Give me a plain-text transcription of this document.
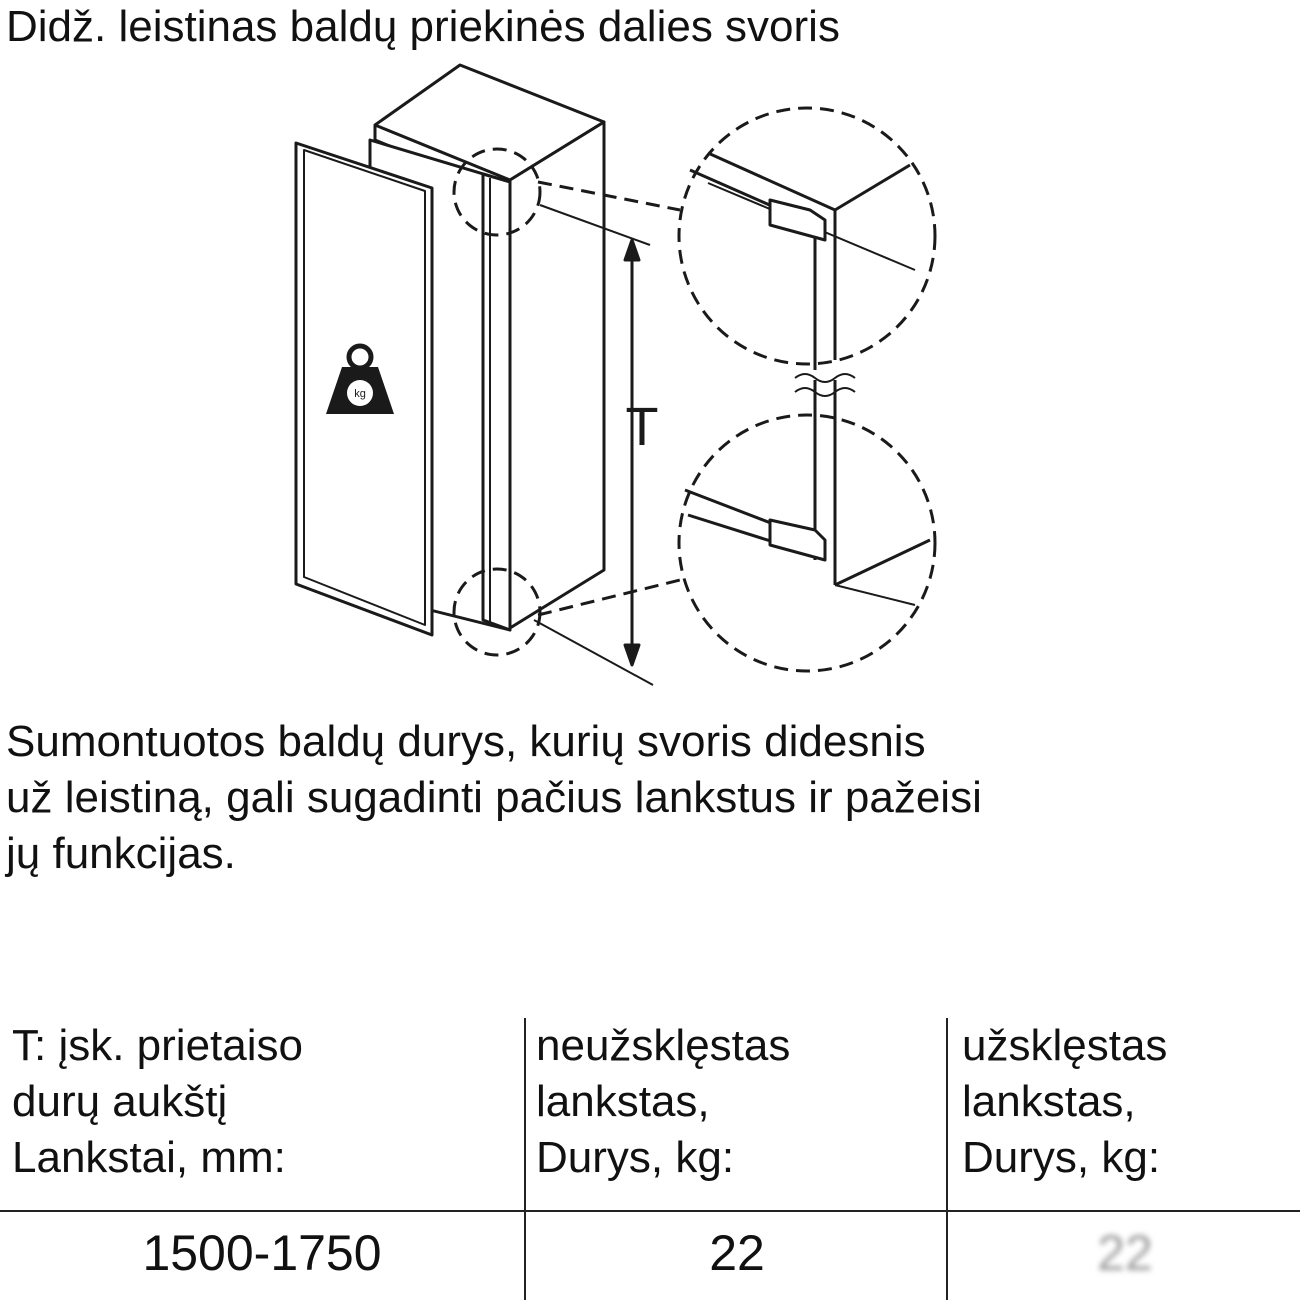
Didž. leistinas baldų priekinės dalies svoris
kg
T
Sumontuotos baldų durys, kurių svoris didesnis
už leistiną, gali sugadinti pačius lankstus ir pažeisi
jų funkcijas.
T: įsk. prietaiso
durų aukštį
Lankstai, mm:
neužsklęstas
lankstas,
Durys, kg:
užsklęstas
lankstas,
Durys, kg:
1500-1750	22	22
